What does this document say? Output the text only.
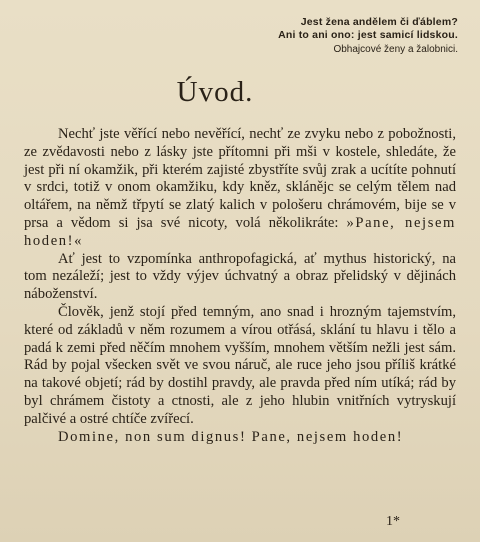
Jest žena andělem či ďáblem?
Ani to ani ono: jest samicí lidskou.
Obhajcové ženy a žalobnici.
Úvod.

Nechť jste věřící nebo nevěřící, nechť ze zvyku nebo z pobožnosti, ze zvědavosti nebo z lásky jste přítomni při mši v kostele, shledáte, že jest při ní okamžik, při kterém zajisté zbystříte svůj zrak a ucítíte pohnutí v srdci, totiž v onom okamžiku, kdy kněz, sklánějc se celým tělem nad oltářem, na němž třpytí se zlatý kalich v pološeru chrámovém, bije se v prsa a vědom si jsa své nicoty, volá několikráte: »Pane, nejsem hoden!«

Ať jest to vzpomínka anthropofagická, ať mythus historický, na tom nezáleží; jest to vždy výjev úchvatný a obraz přelidský v dějinách náboženství.

Člověk, jenž stojí před temným, ano snad i hrozným tajemstvím, které od základů v něm rozumem a vírou otřásá, sklání tu hlavu i tělo a padá k zemi před něčím mnohem vyšším, mnohem větším nežli jest sám. Rád by pojal všecken svět ve svou náruč, ale ruce jeho jsou příliš krátké na takové objetí; rád by dostihl pravdy, ale pravda před ním utíká; rád by byl chrámem čistoty a ctnosti, ale z jeho hlubin vnitřních vytryskují palčivé a ostré chtíče zvířecí.

Domine, non sum dignus! Pane, nejsem hoden!

1*
